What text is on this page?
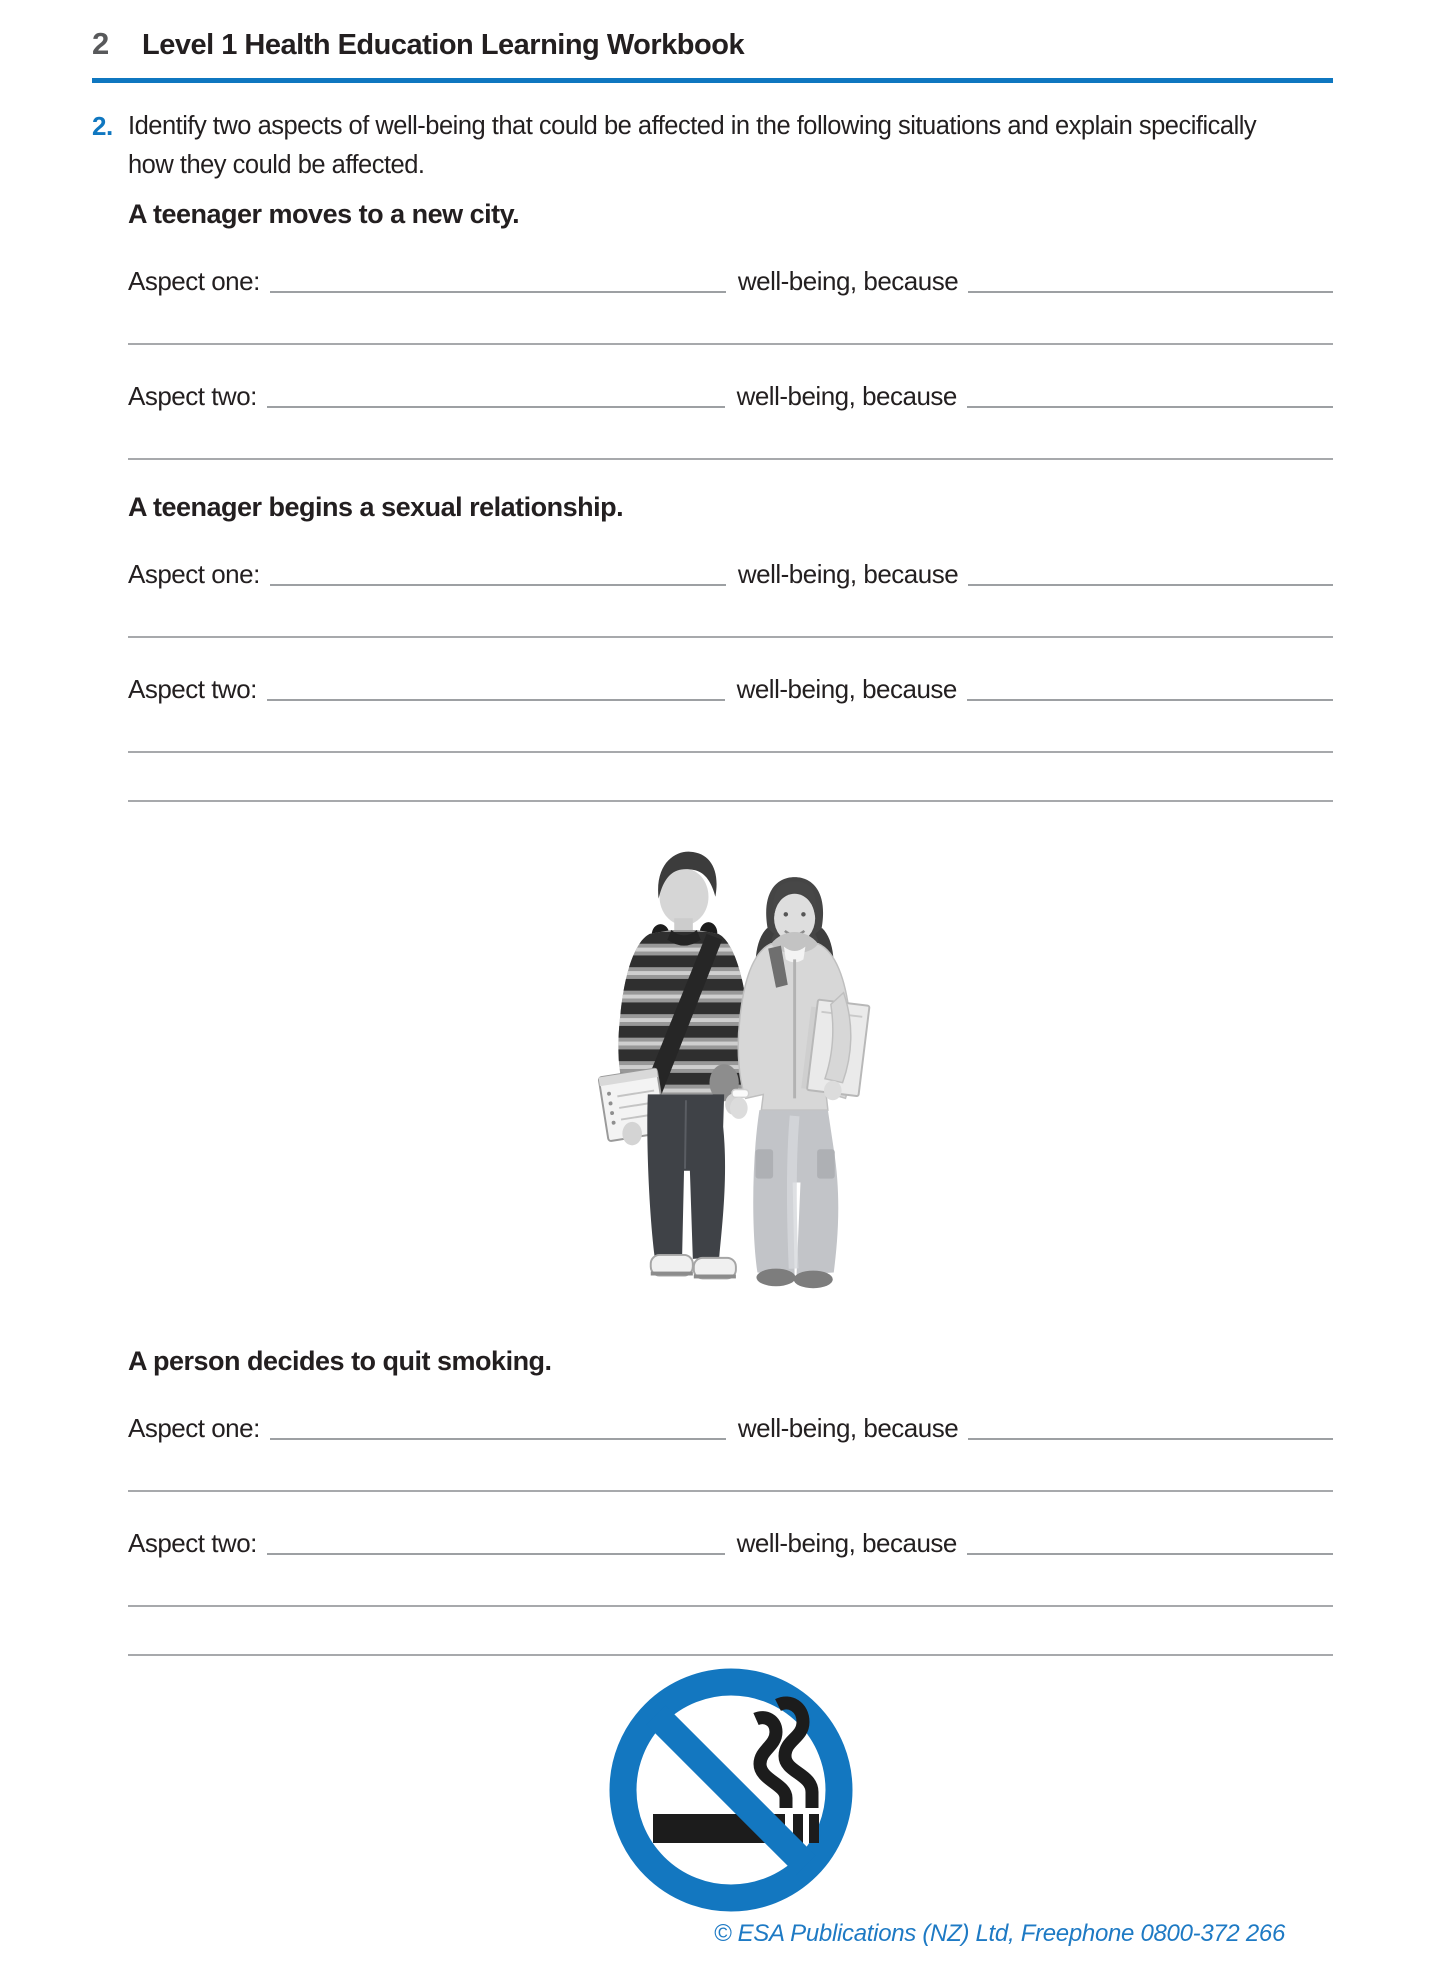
2	Level 1 Health Education Learning Workbook
2. Identify two aspects of well-being that could be affected in the following situations and explain specifically
how they could be affected.
A teenager moves to a new city.
Aspect one:	well-being, because
Aspect two:	well-being, because
A teenager begins a sexual relationship.
Aspect one:	well-being, because
Aspect two:	well-being, because
A person decides to quit smoking.
Aspect one:	well-being, because
Aspect two:	well-being, because
© ESA Publications (NZ) Ltd, Freephone 0800-372 266
